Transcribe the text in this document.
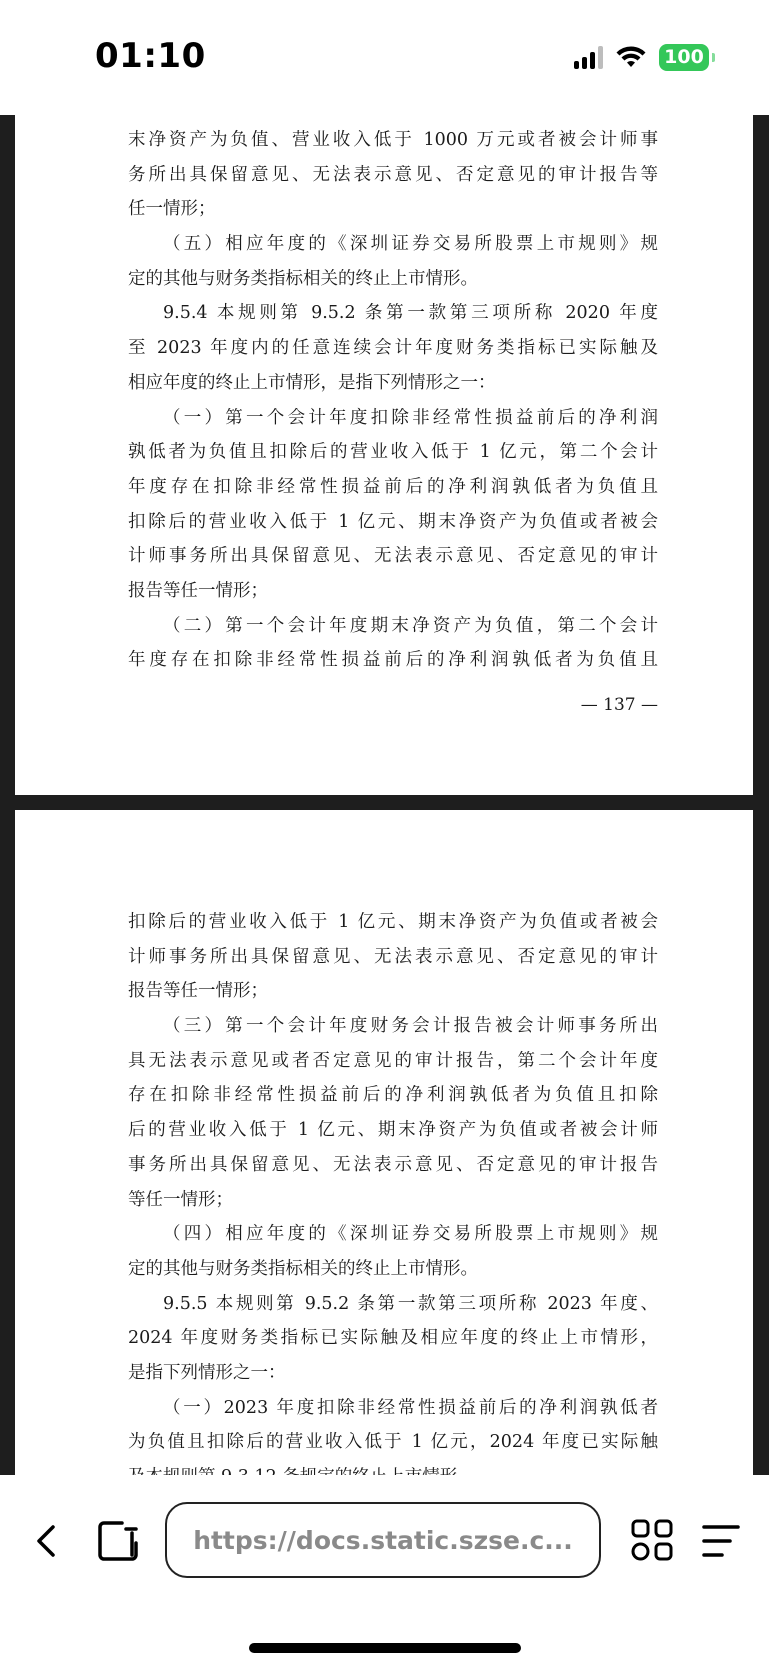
01:10	100
末净资产为负值、营业收入低于 1000 万元或者被会计师事
务所出具保留意见、无法表示意见、否定意见的审计报告等
任一情形；
（五）相应年度的《深圳证券交易所股票上市规则》规
定的其他与财务类指标相关的终止上市情形。
9.5.4 本规则第 9.5.2 条第一款第三项所称 2020 年度
至 2023 年度内的任意连续会计年度财务类指标已实际触及
相应年度的终止上市情形，是指下列情形之一：
（一）第一个会计年度扣除非经常性损益前后的净利润
孰低者为负值且扣除后的营业收入低于 1 亿元，第二个会计
年度存在扣除非经常性损益前后的净利润孰低者为负值且
扣除后的营业收入低于 1 亿元、期末净资产为负值或者被会
计师事务所出具保留意见、无法表示意见、否定意见的审计
报告等任一情形；
（二）第一个会计年度期末净资产为负值，第二个会计
年度存在扣除非经常性损益前后的净利润孰低者为负值且
— 137 —
扣除后的营业收入低于 1 亿元、期末净资产为负值或者被会
计师事务所出具保留意见、无法表示意见、否定意见的审计
报告等任一情形；
（三）第一个会计年度财务会计报告被会计师事务所出
具无法表示意见或者否定意见的审计报告，第二个会计年度
存在扣除非经常性损益前后的净利润孰低者为负值且扣除
后的营业收入低于 1 亿元、期末净资产为负值或者被会计师
事务所出具保留意见、无法表示意见、否定意见的审计报告
等任一情形；
（四）相应年度的《深圳证券交易所股票上市规则》规
定的其他与财务类指标相关的终止上市情形。
9.5.5 本规则第 9.5.2 条第一款第三项所称 2023 年度、
2024 年度财务类指标已实际触及相应年度的终止上市情形，
是指下列情形之一：
（一）2023 年度扣除非经常性损益前后的净利润孰低者
为负值且扣除后的营业收入低于 1 亿元，2024 年度已实际触
https://docs.static.szse.c...
